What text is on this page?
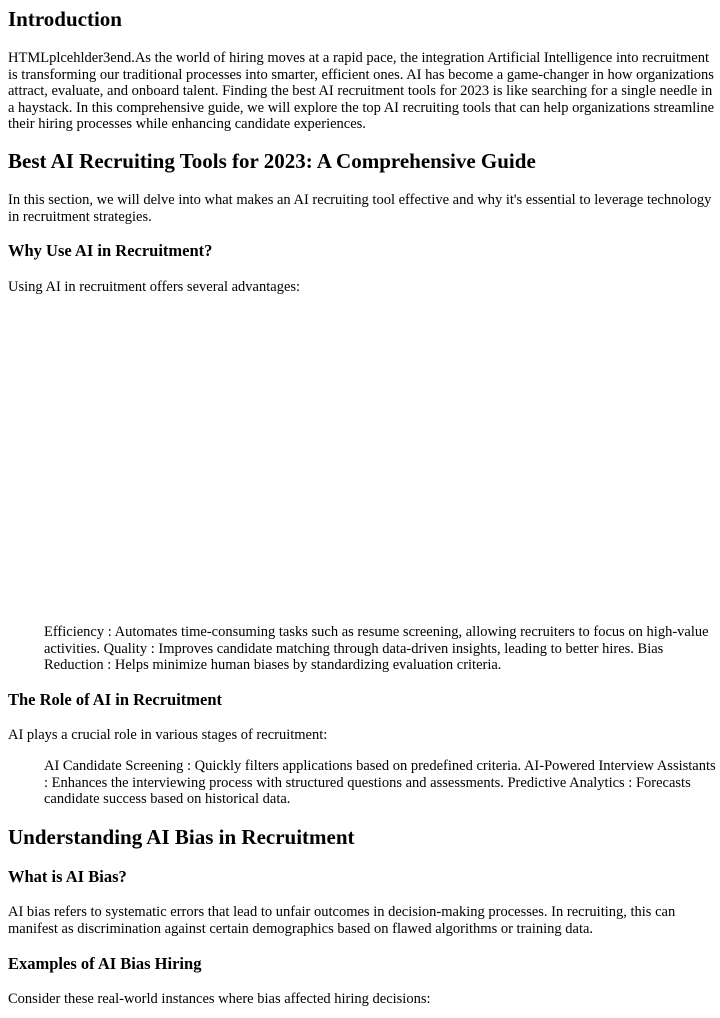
Introduction

HTMLplcehlder3end.As the world of hiring moves at a rapid pace, the integration Artificial Intelligence into recruitment is transforming our traditional processes into smarter, efficient ones. AI has become a game-changer in how organizations attract, evaluate, and onboard talent. Finding the best AI recruitment tools for 2023 is like searching for a single needle in a haystack. In this comprehensive guide, we will explore the top AI recruiting tools that can help organizations streamline their hiring processes while enhancing candidate experiences.

Best AI Recruiting Tools for 2023: A Comprehensive Guide

In this section, we will delve into what makes an AI recruiting tool effective and why it's essential to leverage technology in recruitment strategies.

Why Use AI in Recruitment?

Using AI in recruitment offers several advantages:

Efficiency : Automates time-consuming tasks such as resume screening, allowing recruiters to focus on high-value activities. Quality : Improves candidate matching through data-driven insights, leading to better hires. Bias Reduction : Helps minimize human biases by standardizing evaluation criteria.

The Role of AI in Recruitment

AI plays a crucial role in various stages of recruitment:

AI Candidate Screening : Quickly filters applications based on predefined criteria. AI-Powered Interview Assistants : Enhances the interviewing process with structured questions and assessments. Predictive Analytics : Forecasts candidate success based on historical data.

Understanding AI Bias in Recruitment
What is AI Bias?

AI bias refers to systematic errors that lead to unfair outcomes in decision-making processes. In recruiting, this can manifest as discrimination against certain demographics based on flawed algorithms or training data.

Examples of AI Bias Hiring

Consider these real-world instances where bias affected hiring decisions:
